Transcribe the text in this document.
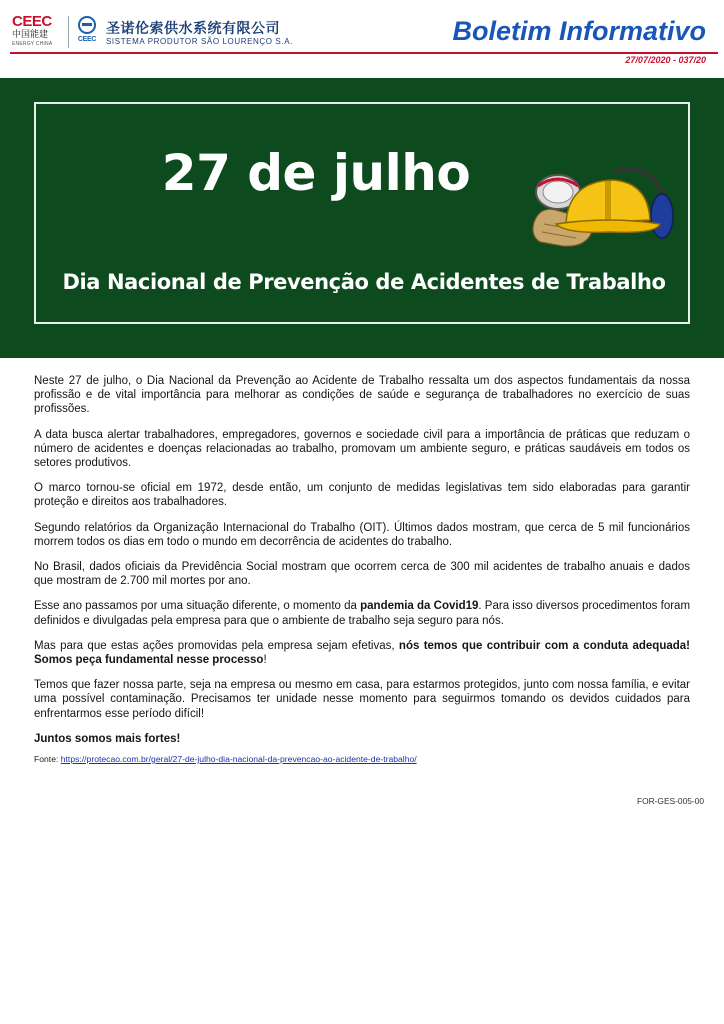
CEEC
中国能建
ENERGY CHINA
CEEC
圣诺伦索供水系统有限公司
SISTEMA PRODUTOR SÃO LOURENÇO S.A.	Boletim Informativo
27/07/2020 - 037/20
27 de julho
Dia Nacional de Prevenção de Acidentes de Trabalho

Neste 27 de julho, o Dia Nacional da Prevenção ao Acidente de Trabalho ressalta um dos aspectos fundamentais da nossa profissão e de vital importância para melhorar as condições de saúde e segurança de trabalhadores no exercício de suas profissões.

A data busca alertar trabalhadores, empregadores, governos e sociedade civil para a importância de práticas que reduzam o número de acidentes e doenças relacionadas ao trabalho, promovam um ambiente seguro, e práticas saudáveis em todos os setores produtivos.

O marco tornou-se oficial em 1972, desde então, um conjunto de medidas legislativas tem sido elaboradas para garantir proteção e direitos aos trabalhadores.

Segundo relatórios da Organização Internacional do Trabalho (OIT). Últimos dados mostram, que cerca de 5 mil funcionários morrem todos os dias em todo o mundo em decorrência de acidentes do trabalho.

No Brasil, dados oficiais da Previdência Social mostram que ocorrem cerca de 300 mil acidentes de trabalho anuais e dados que mostram de 2.700 mil mortes por ano.

Esse ano passamos por uma situação diferente, o momento da pandemia da Covid19. Para isso diversos procedimentos foram definidos e divulgadas pela empresa para que o ambiente de trabalho seja seguro para nós.

Mas para que estas ações promovidas pela empresa sejam efetivas, nós temos que contribuir com a conduta adequada! Somos peça fundamental nesse processo!

Temos que fazer nossa parte, seja na empresa ou mesmo em casa, para estarmos protegidos, junto com nossa família, e evitar uma possível contaminação. Precisamos ter unidade nesse momento para seguirmos tomando os devidos cuidados para enfrentarmos esse período difícil!

Juntos somos mais fortes!

Fonte: https://protecao.com.br/geral/27-de-julho-dia-nacional-da-prevencao-ao-acidente-de-trabalho/
FOR-GES-005-00
